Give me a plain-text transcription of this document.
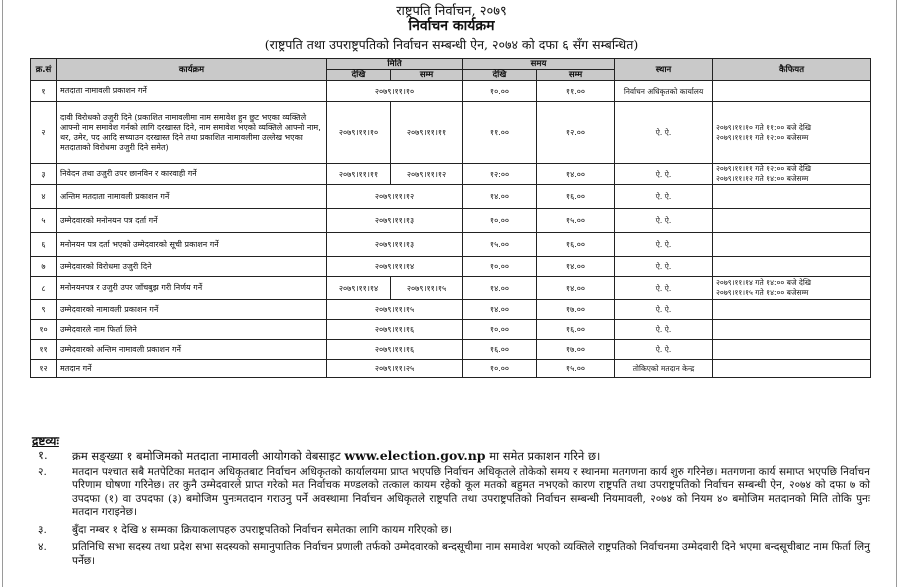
राष्ट्रपति निर्वाचन, २०७९
निर्वाचन कार्यक्रम
(राष्ट्रपति तथा उपराष्ट्रपतिको निर्वाचन सम्बन्धी ऐन, २०७४ को दफा ६ सँग सम्बन्धित)
क्र.सं	कार्यक्रम	मिति		समय		स्थान	कैफियत
		देखि	सम्म	देखि	सम्म		
१	मतदाता नामावली प्रकाशन गर्ने	२०७९।११।१०		१०.००	११.००	निर्वाचन अधिकृतको कार्यालय	

२	दावी विरोधको उजुरी दिने (प्रकाशित नामावलीमा नाम समावेश हुन छुट भएका व्यक्तिले आफ्नो नाम समावेश गर्नको लागि दरखास्त दिने, नाम समावेश भएको व्यक्तिले आफ्नो नाम, थर, उमेर, पद आदि सच्याउन दरखास्त दिने तथा प्रकाशित नामावलीमा उल्लेख भएका मतदाताको विरोधमा उजुरी दिने समेत)	२०७९।११।१०	२०७९।११।११	११.००	१२.००	ऐ. ऐ.	२०७९।११।१० गते ११:०० बजे देखि
२०७९।११।११ गते १२:०० बजेसम्म

३	निवेदन तथा उजुरी उपर छानविन र कारवाही गर्ने	२०७९।११।११	२०७९।११।१२	१२:००	१४.००	ऐ. ऐ.	२०७९।११।११ गते १२:०० बजे देखि
२०७९।११।१२ गते १४:०० बजेसम्म

४	अन्तिम मतदाता नामावली प्रकाशन गर्ने	२०७९।११।१२		१४.००	१६.००	ऐ. ऐ.	

५	उम्मेदवारको मनोनयन पत्र दर्ता गर्ने	२०७९।११।१३		१०.००	१५.००	ऐ. ऐ.	

६	मनोनयन पत्र दर्ता भएको उम्मेदवारको सूची प्रकाशन गर्ने	२०७९।११।१३		१५.००	१६.००	ऐ. ऐ.	

७	उम्मेदवारको विरोधमा उजुरी दिने	२०७९।११।१४		१०.००	१४.००	ऐ. ऐ.	

८	मनोनयनपत्र र उजुरी उपर जाँचबुझ गरी निर्णय गर्ने	२०७९।११।१४	२०७९।११।१५	१४.००	१४.००	ऐ. ऐ.	२०७९।११।१४ गते १४:०० बजे देखि
२०७९।११।१५ गते १४:०० बजेसम्म

९	उम्मेदवारको नामावली प्रकाशन गर्ने	२०७९।११।१५		१४.००	१७.००	ऐ. ऐ.	

१०	उम्मेदवारले नाम फिर्ता लिने	२०७९।११।१६		१०.००	१६.००	ऐ. ऐ.	

११	उम्मेदवारको अन्तिम नामावली प्रकाशन गर्ने	२०७९।११।१६		१६.००	१७.००	ऐ. ऐ.	

१२	मतदान गर्ने	२०७९।११।२५		१०.००	१५.००	तोकिएको मतदान केन्द्र	
द्रष्टव्यः
१. क्रम सङ्ख्या १ बमोजिमको मतदाता नामावली आयोगको वेबसाइट www.election.gov.np मा समेत प्रकाशन गरिने छ।
२. मतदान पश्चात सबै मतपेटिका मतदान अधिकृतबाट निर्वाचन अधिकृतको कार्यालयमा प्राप्त भएपछि निर्वाचन अधिकृतले तोकेको समय र स्थानमा मतगणना कार्य शुरु गरिनेछ। मतगणना कार्य समाप्त भएपछि निर्वाचन परिणाम घोषणा गरिनेछ। तर कुनै उम्मेदवारले प्राप्त गरेको मत निर्वाचक मण्डलको तत्काल कायम रहेको कूल मतको बहुमत नभएको कारण राष्ट्रपति तथा उपराष्ट्रपतिको निर्वाचन सम्बन्धी ऐन, २०७४ को दफा ७ को उपदफा (१) वा उपदफा (३) बमोजिम पुनःमतदान गराउनु पर्ने अवस्थामा निर्वाचन अधिकृतले राष्ट्रपति तथा उपराष्ट्रपतिको निर्वाचन सम्बन्धी नियमावली, २०७४ को नियम ४० बमोजिम मतदानको मिति तोकि पुनः मतदान गराइनेछ।
३. बुँदा नम्बर १ देखि ४ सम्मका क्रियाकलापहरु उपराष्ट्रपतिको निर्वाचन समेतका लागि कायम गरिएको छ।
४. प्रतिनिधि सभा सदस्य तथा प्रदेश सभा सदस्यको समानुपातिक निर्वाचन प्रणाली तर्फको उम्मेदवारको बन्दसूचीमा नाम समावेश भएको व्यक्तिले राष्ट्रपतिको निर्वाचनमा उम्मेदवारी दिने भएमा बन्दसूचीबाट नाम फिर्ता लिनु पर्नेछ।
